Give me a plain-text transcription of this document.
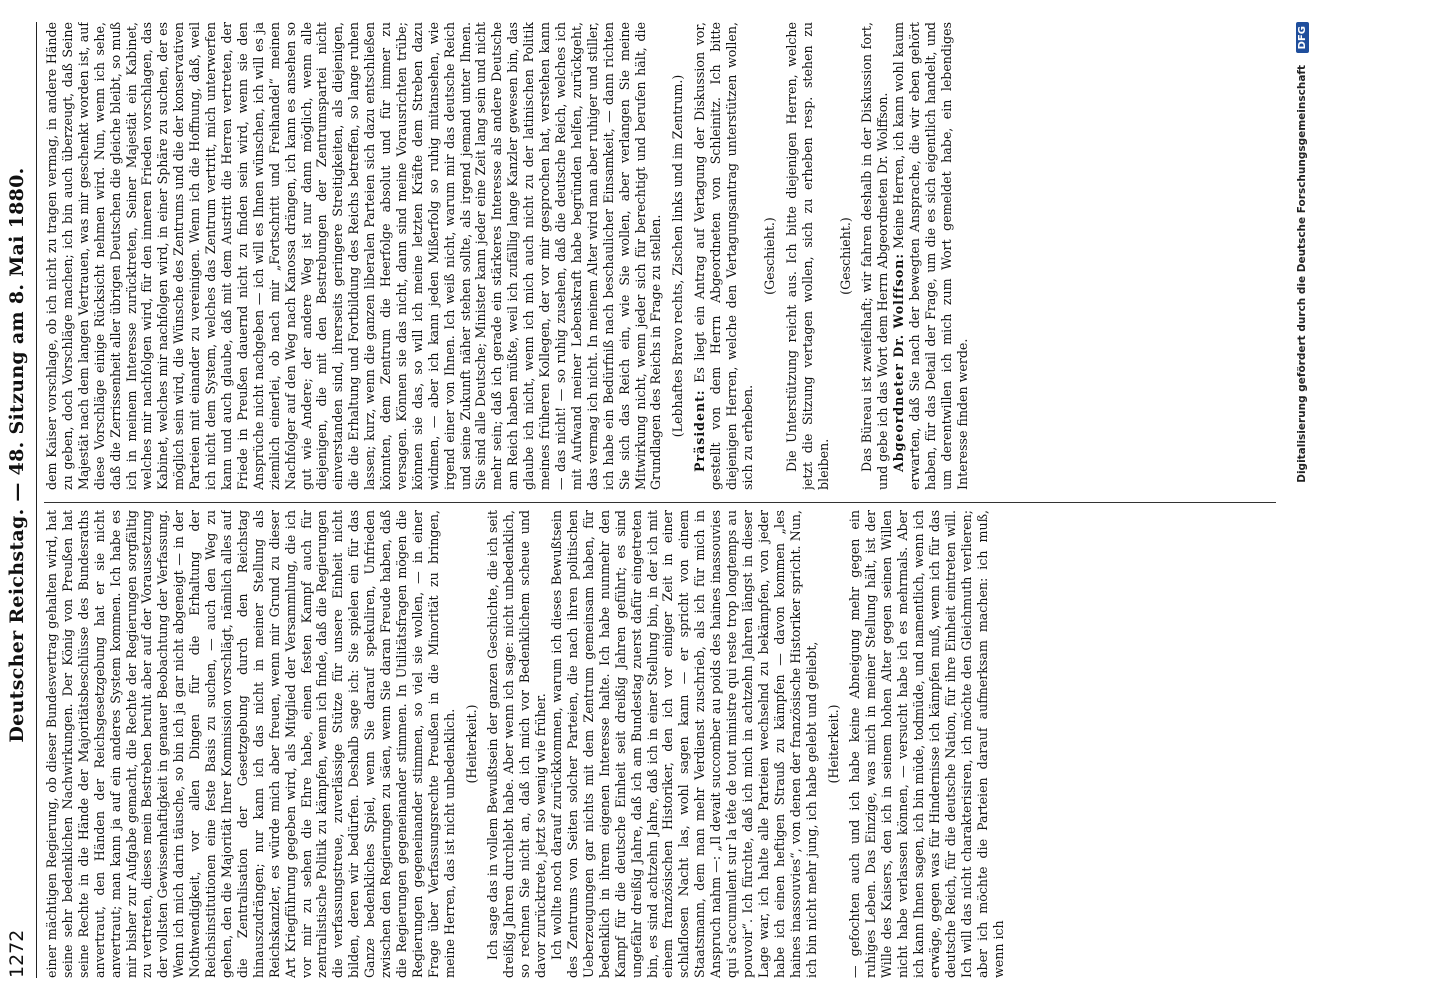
1272
Deutscher Reichstag. — 48. Sitzung am 8. Mai 1880.

einer mächtigen Regierung, ob dieser Bundesvertrag gehalten wird, hat seine sehr bedenklichen Nachwirkungen. Der König von Preußen hat seine Rechte in die Hände der Majoritätsbeschlüsse des Bundesraths anvertraut, den Händen der Reichsgesetzgebung hat er sie nicht anvertraut; man kann ja auf ein anderes System kommen. Ich habe es mir bisher zur Aufgabe gemacht, die Rechte der Regierungen sorgfältig zu vertreten, dieses mein Bestreben beruht aber auf der Voraussetzung der vollsten Gewissenhaftigkeit in genauer Beobachtung der Verfassung. Wenn ich mich darin täusche, so bin ich ja gar nicht abgeneigt — in der Nothwendigkeit, vor allen Dingen für die Erhaltung der Reichsinstitutionen eine feste Basis zu suchen, — auch den Weg zu gehen, den die Majorität Ihrer Kommission vorschlägt, nämlich alles auf die Zentralisation der Gesetzgebung durch den Reichstag hinauszudrängen; nur kann ich das nicht in meiner Stellung als Reichskanzler, es würde mich aber freuen, wenn mir Grund zu dieser Art Kriegführung gegeben wird, als Mitglied der Versammlung, die ich vor mir zu sehen die Ehre habe, einen festen Kampf auch für zentralistische Politik zu kämpfen, wenn ich finde, daß die Regierungen die verfassungstreue, zuverlässige Stütze für unsere Einheit nicht bilden, deren wir bedürfen. Deshalb sage ich: Sie spielen ein für das Ganze bedenkliches Spiel, wenn Sie darauf spekuliren, Unfrieden zwischen den Regierungen zu säen, wenn Sie daran Freude haben, daß die Regierungen gegeneinander stimmen. In Utilitätsfragen mögen die Regierungen gegeneinander stimmen, so viel sie wollen, — in einer Frage über Verfassungsrechte Preußen in die Minorität zu bringen, meine Herren, das ist nicht unbedenklich. (Heiterkeit.) Ich sage das in vollem Bewußtsein der ganzen Geschichte, die ich seit dreißig Jahren durchlebt habe. Aber wenn ich sage: nicht unbedenklich, so rechnen Sie nicht an, daß ich mich vor Bedenklichem scheue und davor zurücktrete, jetzt so wenig wie früher. Ich wollte noch darauf zurückkommen, warum ich dieses Bewußtsein des Zentrums von Seiten solcher Parteien, die nach ihren politischen Ueberzeugungen gar nichts mit dem Zentrum gemeinsam haben, für bedenklich in ihrem eigenen Interesse halte. Ich habe nunmehr den Kampf für die deutsche Einheit seit dreißig Jahren geführt; es sind ungefähr dreißig Jahre, daß ich am Bundestag zuerst dafür eingetreten bin, es sind achtzehn Jahre, daß ich in einer Stellung bin, in der ich mit einem französischen Historiker, den ich vor einiger Zeit in einer schlaflosen Nacht las, wohl sagen kann — er spricht von einem Staatsmann, dem man mehr Verdienst zuschrieb, als ich für mich in Anspruch nahm —: „Il devait succomber au poids des haines inassouvies qui s'accumulent sur la tête de tout ministre qui reste trop longtemps au pouvoir“. Ich fürchte, daß ich mich in achtzehn Jahren längst in dieser Lage war, ich halte alle Parteien wechselnd zu bekämpfen, von jeder habe ich einen heftigen Strauß zu kämpfen — davon kommen „les haines inassouvies“, von denen der französische Historiker spricht. Nun, ich bin nicht mehr jung, ich habe gelebt und geliebt, (Heiterkeit.) — gefochten auch und ich habe keine Abneigung mehr gegen ein ruhiges Leben. Das Einzige, was mich in meiner Stellung hält, ist der Wille des Kaisers, den ich in seinem hohen Alter gegen seinen Willen nicht habe verlassen können, — versucht habe ich es mehrmals. Aber ich kann Ihnen sagen, ich bin müde, todmüde, und namentlich, wenn ich erwäge, gegen was für Hindernisse ich kämpfen muß, wenn ich für das deutsche Reich, für die deutsche Nation, für ihre Einheit eintreten will. Ich will das nicht charakterisiren, ich möchte den Gleichmuth verlieren; aber ich möchte die Parteien darauf aufmerksam machen: ich muß, wenn ich

dem Kaiser vorschlage, ob ich nicht zu tragen vermag, in andere Hände zu geben, doch Vorschläge machen; ich bin auch überzeugt, daß Seine Majestät nach dem langen Vertrauen, was mir geschenkt worden ist, auf diese Vorschläge einige Rücksicht nehmen wird. Nun, wenn ich sehe, daß die Zerrissenheit aller übrigen Deutschen die gleiche bleibt, so muß ich in meinem Interesse zurücktreten, Seiner Majestät ein Kabinet, welches mir nachfolgen wird, für den inneren Frieden vorschlagen, das Kabinet, welches mir nachfolgen wird, in einer Sphäre zu suchen, der es möglich sein wird, die Wünsche des Zentrums und die der konservativen Parteien mit einander zu vereinigen. Wenn ich die Hoffnung, daß, weil ich nicht dem System, welches das Zentrum vertritt, mich unterwerfen kann und auch glaube, daß mit dem Austritt die Herren vertreten, der Friede in Preußen dauernd nicht zu finden sein wird, wenn sie den Ansprüche nicht nachgeben — ich will es Ihnen wünschen, ich will es ja ziemlich einerlei, ob nach mir „Fortschritt und Freihandel“ meinen Nachfolger auf den Weg nach Kanossa drängen, ich kann es ansehen so gut wie Andere; der andere Weg ist nur dann möglich, wenn alle diejenigen, die mit den Bestrebungen der Zentrumspartei nicht einverstanden sind, ihrerseits geringere Streitigkeiten, als diejenigen, die die Erhaltung und Fortbildung des Reichs betreffen, so lange ruhen lassen; kurz, wenn die ganzen liberalen Parteien sich dazu entschließen könnten, dem Zentrum die Heerfolge absolut und für immer zu versagen. Können sie das nicht, dann sind meine Vorausrichten trübe; können sie das, so will ich meine letzten Kräfte dem Streben dazu widmen, — aber ich kann jeden Mißerfolg so ruhig mitansehen, wie irgend einer von Ihnen. Ich weiß nicht, warum mir das deutsche Reich und seine Zukunft näher stehen sollte, als irgend jemand unter Ihnen. Sie sind alle Deutsche; Minister kann jeder eine Zeit lang sein und nicht mehr sein; daß ich gerade ein stärkeres Interesse als andere Deutsche am Reich haben müßte, weil ich zufällig lange Kanzler gewesen bin, das glaube ich nicht, wenn ich mich auch nicht zu der latinischen Politik meines früheren Kollegen, der vor mir gesprochen hat, verstehen kann — das nicht! — so ruhig zusehen, daß die deutsche Reich, welches ich mit Aufwand meiner Lebenskraft habe begründen helfen, zurückgeht, das vermag ich nicht. In meinem Alter wird man aber ruhiger und stiller, ich habe ein Bedürfniß nach beschaulicher Einsamkeit, — dann richten Sie sich das Reich ein, wie Sie wollen, aber verlangen Sie meine Mitwirkung nicht, wenn jeder sich für berechtigt und berufen hält, die Grundlagen des Reichs in Frage zu stellen. (Lebhaftes Bravo rechts, Zischen links und im Zentrum.) Präsident: Es liegt ein Antrag auf Vertagung der Diskussion vor, gestellt von dem Herrn Abgeordneten von Schleinitz. Ich bitte diejenigen Herren, welche den Vertagungsantrag unterstützen wollen, sich zu erheben.

(Geschieht.) Die Unterstützung reicht aus. Ich bitte diejenigen Herren, welche jetzt die Sitzung vertagen wollen, sich zu erheben resp. stehen zu bleiben.

(Geschieht.) Das Büreau ist zweifelhaft; wir fahren deshalb in der Diskussion fort, und gebe ich das Wort dem Herrn Abgeordneten Dr. Wolffson. Abgeordneter Dr. Wolffson: Meine Herren, ich kann wohl kaum erwarten, daß Sie nach der bewegten Ansprache, die wir eben gehört haben, für das Detail der Frage, um die es sich eigentlich handelt, und um derentwillen ich mich zum Wort gemeldet habe, ein lebendiges Interesse finden werde.	Digitalisierung gefördert durch die Deutsche Forschungsgemeinschaft DFG
